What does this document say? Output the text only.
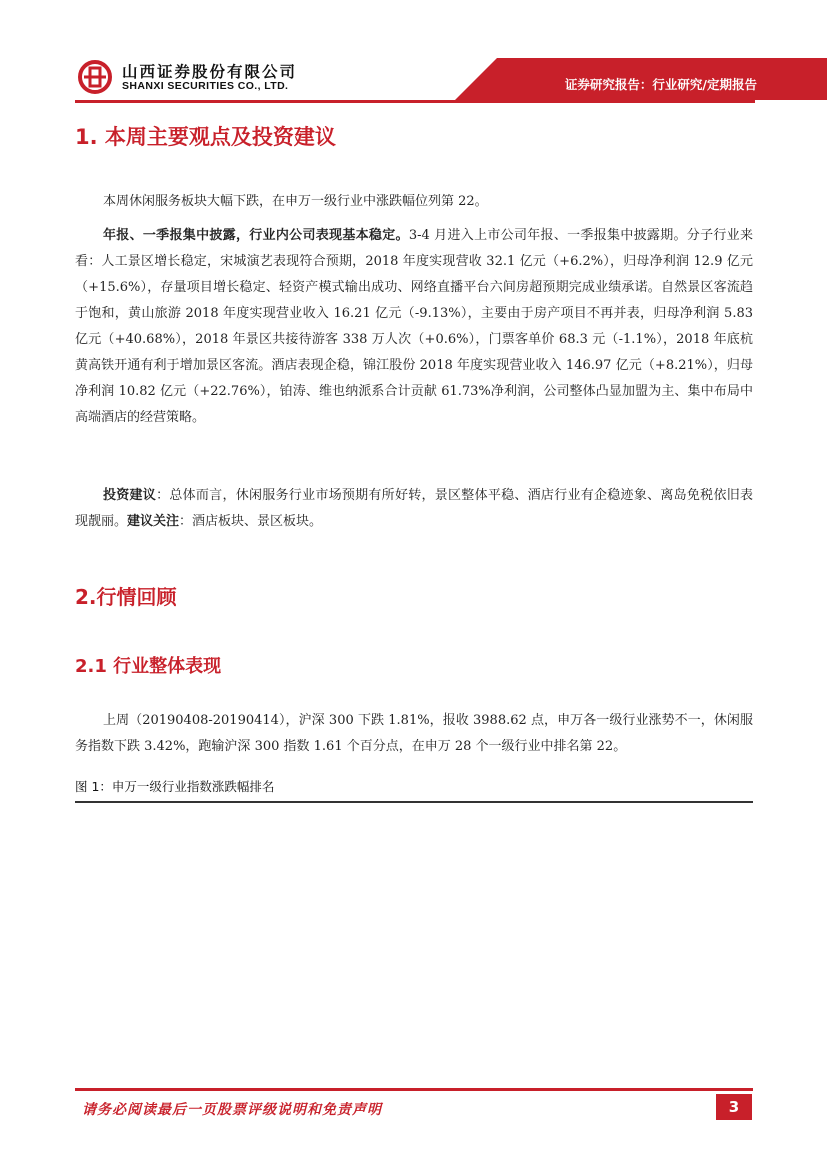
山西证券股份有限公司
SHANXI SECURITIES CO., LTD.	证券研究报告：行业研究/定期报告
1. 本周主要观点及投资建议

本周休闲服务板块大幅下跌，在申万一级行业中涨跌幅位列第 22。

年报、一季报集中披露，行业内公司表现基本稳定。3-4 月进入上市公司年报、一季报集中披露期。分子行业来看：人工景区增长稳定，宋城演艺表现符合预期，2018 年度实现营收 32.1 亿元（+6.2%），归母净利润 12.9 亿元（+15.6%），存量项目增长稳定、轻资产模式输出成功、网络直播平台六间房超预期完成业绩承诺。自然景区客流趋于饱和，黄山旅游 2018 年度实现营业收入 16.21 亿元（-9.13%），主要由于房产项目不再并表，归母净利润 5.83 亿元（+40.68%），2018 年景区共接待游客 338 万人次（+0.6%），门票客单价 68.3 元（-1.1%），2018 年底杭黄高铁开通有利于增加景区客流。酒店表现企稳，锦江股份 2018 年度实现营业收入 146.97 亿元（+8.21%），归母净利润 10.82 亿元（+22.76%），铂涛、维也纳派系合计贡献 61.73%净利润，公司整体凸显加盟为主、集中布局中高端酒店的经营策略。

投资建议：总体而言，休闲服务行业市场预期有所好转，景区整体平稳、酒店行业有企稳迹象、离岛免税依旧表现靓丽。建议关注：酒店板块、景区板块。

2.行情回顾
2.1 行业整体表现

上周（20190408-20190414），沪深 300 下跌 1.81%，报收 3988.62 点，申万各一级行业涨势不一，休闲服务指数下跌 3.42%，跑输沪深 300 指数 1.61 个百分点，在申万 28 个一级行业中排名第 22。

图 1：申万一级行业指数涨跌幅排名
请务必阅读最后一页股票评级说明和免责声明	3
